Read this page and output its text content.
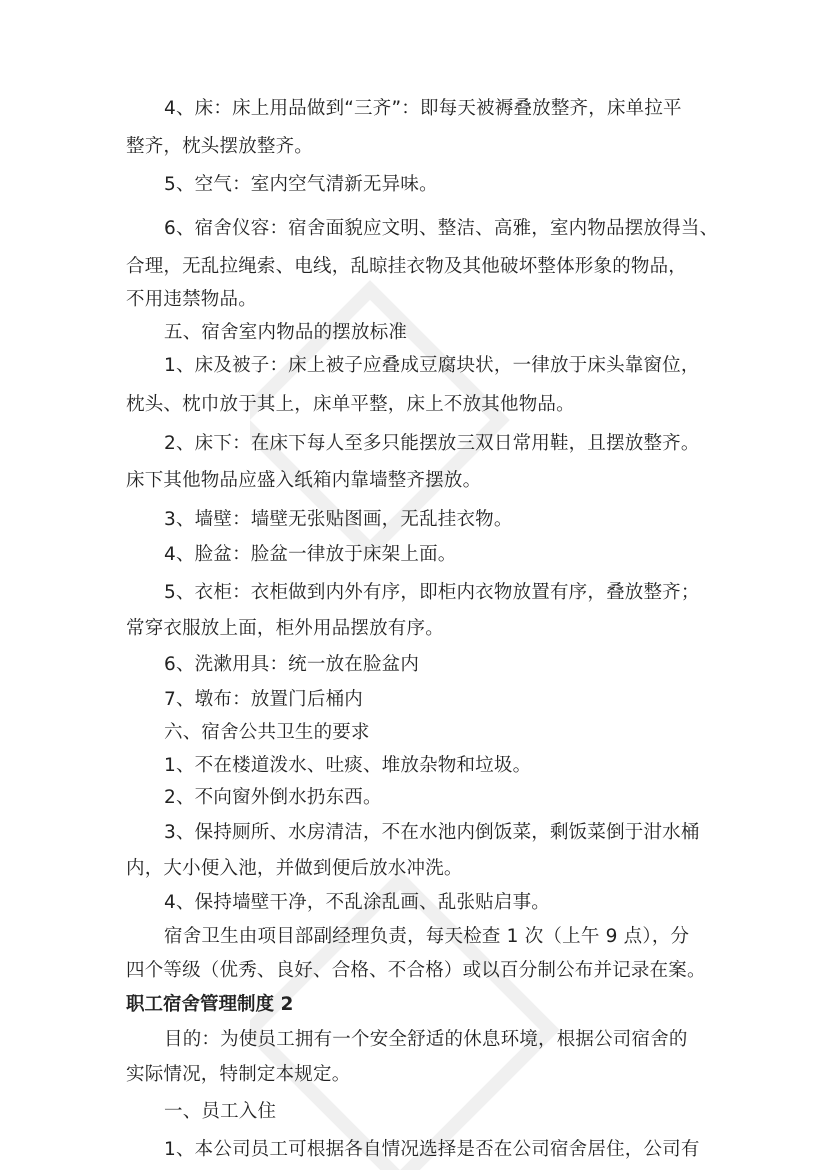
4、床：床上用品做到“三齐”：即每天被褥叠放整齐，床单拉平

整齐，枕头摆放整齐。

5、空气：室内空气清新无异味。

6、宿舍仪容：宿舍面貌应文明、整洁、高雅，室内物品摆放得当、

合理，无乱拉绳索、电线，乱晾挂衣物及其他破坏整体形象的物品，

不用违禁物品。

五、宿舍室内物品的摆放标准

1、床及被子：床上被子应叠成豆腐块状，一律放于床头靠窗位，

枕头、枕巾放于其上，床单平整，床上不放其他物品。

2、床下：在床下每人至多只能摆放三双日常用鞋，且摆放整齐。

床下其他物品应盛入纸箱内靠墙整齐摆放。

3、墙壁：墙壁无张贴图画，无乱挂衣物。

4、脸盆：脸盆一律放于床架上面。

5、衣柜：衣柜做到内外有序，即柜内衣物放置有序，叠放整齐；

常穿衣服放上面，柜外用品摆放有序。

6、洗漱用具：统一放在脸盆内

7、墩布：放置门后桶内

六、宿舍公共卫生的要求

1、不在楼道泼水、吐痰、堆放杂物和垃圾。

2、不向窗外倒水扔东西。

3、保持厕所、水房清洁，不在水池内倒饭菜，剩饭菜倒于泔水桶

内，大小便入池，并做到便后放水冲洗。

4、保持墙壁干净，不乱涂乱画、乱张贴启事。

宿舍卫生由项目部副经理负责，每天检查 1 次（上午 9 点），分

四个等级（优秀、良好、合格、不合格）或以百分制公布并记录在案。

职工宿舍管理制度 2

目的：为使员工拥有一个安全舒适的休息环境，根据公司宿舍的

实际情况，特制定本规定。

一、员工入住

1、本公司员工可根据各自情况选择是否在公司宿舍居住，公司有
